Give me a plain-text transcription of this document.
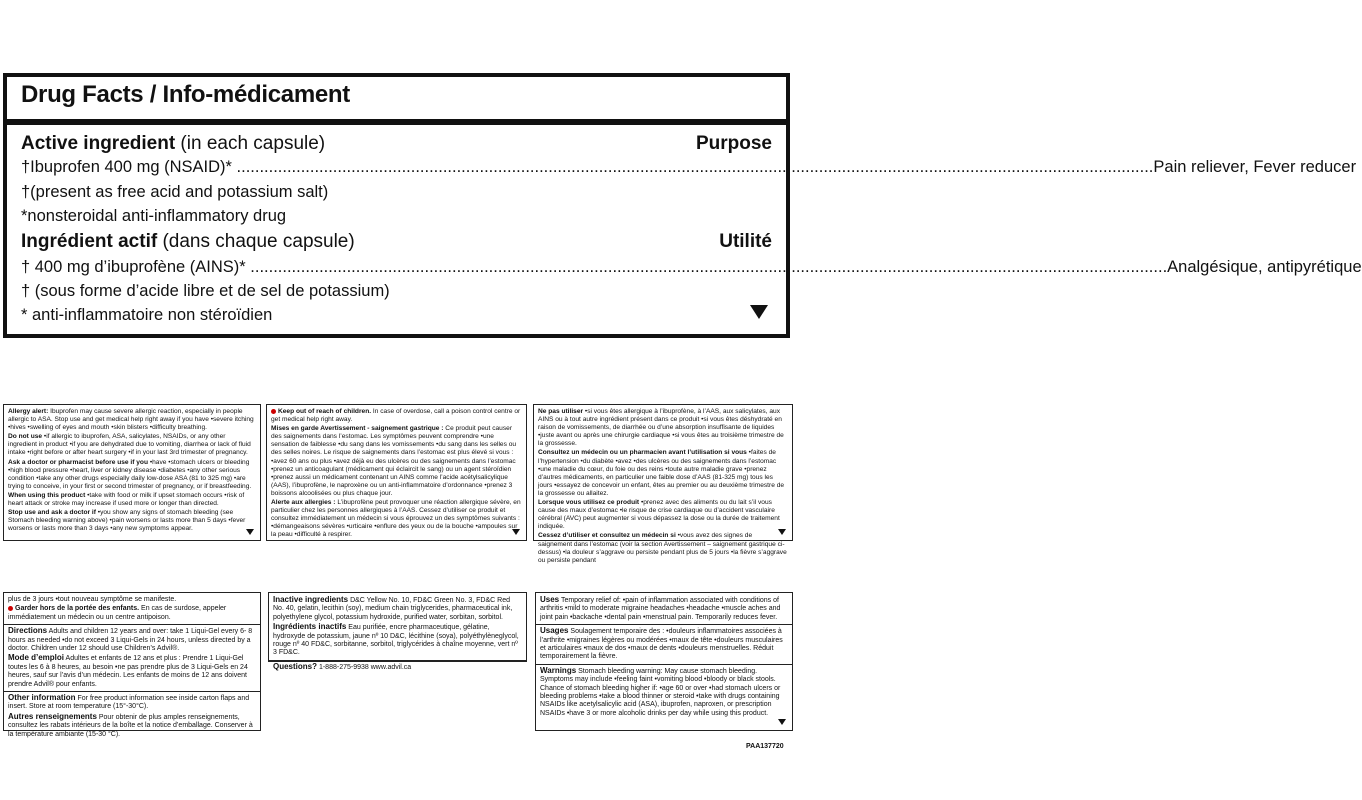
Drug Facts / Info-médicament
Active ingredient (in each capsule)	Purpose
†Ibuprofen 400 mg (NSAID)* .....	Pain reliever, Fever reducer
†(present as free acid and potassium salt)
*nonsteroidal anti-inflammatory drug
Ingrédient actif (dans chaque capsule)	Utilité
† 400 mg d’ibuprofène (AINS)* .....	Analgésique, antipyrétique
† (sous forme d’acide libre et de sel de potassium)
* anti-inflammatoire non stéroïdien

Allergy alert: Ibuprofen may cause severe allergic reaction, especially in people allergic to ASA. Stop use and get medical help right away if you have •severe itching •hives •swelling of eyes and mouth •skin blisters •difficulty breathing.

Do not use •if allergic to ibuprofen, ASA, salicylates, NSAIDs, or any other ingredient in product •if you are dehydrated due to vomiting, diarrhea or lack of fluid intake •right before or after heart surgery •if in your last 3rd trimester of pregnancy.

Ask a doctor or pharmacist before use if you •have •stomach ulcers or bleeding •high blood pressure •heart, liver or kidney disease •diabetes •any other serious condition •take any other drugs especially daily low-dose ASA (81 to 325 mg) •are trying to conceive, in your first or second trimester of pregnancy, or if breastfeeding.

When using this product •take with food or milk if upset stomach occurs •risk of heart attack or stroke may increase if used more or longer than directed.

Stop use and ask a doctor if •you show any signs of stomach bleeding (see Stomach bleeding warning above) •pain worsens or lasts more than 5 days •fever worsens or lasts more than 3 days •any new symptoms appear.

Keep out of reach of children. In case of overdose, call a poison control centre or get medical help right away.

Mises en garde Avertissement - saignement gastrique : Ce produit peut causer des saignements dans l’estomac. Les symptômes peuvent comprendre •une sensation de faiblesse •du sang dans les vomissements •du sang dans les selles ou des selles noires. Le risque de saignements dans l’estomac est plus élevé si vous : •avez 60 ans ou plus •avez déjà eu des ulcères ou des saignements dans l’estomac •prenez un anticoagulant (médicament qui éclaircit le sang) ou un agent stéroïdien •prenez aussi un médicament contenant un AINS comme l’acide acétylsalicylique (AAS), l’ibuprofène, le naproxène ou un anti-inflammatoire d’ordonnance •prenez 3 boissons alcoolisées ou plus chaque jour.

Alerte aux allergies : L’ibuprofène peut provoquer une réaction allergique sévère, en particulier chez les personnes allergiques à l’AAS. Cessez d’utiliser ce produit et consultez immédiatement un médecin si vous éprouvez un des symptômes suivants : •démangeaisons sévères •urticaire •enflure des yeux ou de la bouche •ampoules sur la peau •difficulté à respirer.

Ne pas utiliser •si vous êtes allergique à l’ibuprofène, à l’AAS, aux salicylates, aux AINS ou à tout autre ingrédient présent dans ce produit •si vous êtes déshydraté en raison de vomissements, de diarrhée ou d’une absorption insuffisante de liquides •juste avant ou après une chirurgie cardiaque •si vous êtes au troisième trimestre de la grossesse.

Consultez un médecin ou un pharmacien avant l’utilisation si vous •faites de l’hypertension •du diabète •avez •des ulcères ou des saignements dans l’estomac •une maladie du cœur, du foie ou des reins •toute autre maladie grave •prenez d’autres médicaments, en particulier une faible dose d’AAS (81-325 mg) tous les jours •essayez de concevoir un enfant, êtes au premier ou au deuxième trimestre de la grossesse ou allaitez.

Lorsque vous utilisez ce produit •prenez avec des aliments ou du lait s’il vous cause des maux d’estomac •le risque de crise cardiaque ou d’accident vasculaire cérébral (AVC) peut augmenter si vous dépassez la dose ou la durée de traitement indiquée.

Cessez d’utiliser et consultez un médecin si •vous avez des signes de saignement dans l’estomac (voir la section Avertissement – saignement gastrique ci-dessus) •la douleur s’aggrave ou persiste pendant plus de 5 jours •la fièvre s’aggrave ou persiste pendant

plus de 3 jours •tout nouveau symptôme se manifeste.

Garder hors de la portée des enfants. En cas de surdose, appeler immédiatement un médecin ou un centre antipoison.

Directions Adults and children 12 years and over: take 1 Liqui-Gel every 6- 8 hours as needed •do not exceed 3 Liqui-Gels in 24 hours, unless directed by a doctor. Children under 12 should use Children’s Advil®.

Mode d’emploi Adultes et enfants de 12 ans et plus : Prendre 1 Liqui-Gel toutes les 6 à 8 heures, au besoin •ne pas prendre plus de 3 Liqui-Gels en 24 heures, sauf sur l’avis d’un médecin. Les enfants de moins de 12 ans doivent prendre Advil® pour enfants.

Other information For free product information see inside carton flaps and insert. Store at room temperature (15°-30°C).

Autres renseignements Pour obtenir de plus amples renseignements, consultez les rabats intérieurs de la boîte et la notice d’emballage. Conserver à la température ambiante (15-30 °C).

Inactive ingredients D&C Yellow No. 10, FD&C Green No. 3, FD&C Red No. 40, gelatin, lecithin (soy), medium chain triglycerides, pharmaceutical ink, polyethylene glycol, potassium hydroxide, purified water, sorbitan, sorbitol.

Ingrédients inactifs Eau purifiée, encre pharmaceutique, gélatine, hydroxyde de potassium, jaune nº 10 D&C, lécithine (soya), polyéthylèneglycol, rouge nº 40 FD&C, sorbitanne, sorbitol, triglycérides à chaîne moyenne, vert nº 3 FD&C.

Questions? 1-888-275-9938 www.advil.ca

Uses Temporary relief of: •pain of inflammation associated with conditions of arthritis •mild to moderate migraine headaches •headache •muscle aches and joint pain •backache •dental pain •menstrual pain. Temporarily reduces fever.

Usages Soulagement temporaire des : •douleurs inflammatoires associées à l’arthrite •migraines légères ou modérées •maux de tête •douleurs musculaires et articulaires •maux de dos •maux de dents •douleurs menstruelles. Réduit temporairement la fièvre.

Warnings Stomach bleeding warning: May cause stomach bleeding. Symptoms may include •feeling faint •vomiting blood •bloody or black stools. Chance of stomach bleeding higher if: •age 60 or over •had stomach ulcers or bleeding problems •take a blood thinner or steroid •take with drugs containing NSAIDs like acetylsalicylic acid (ASA), ibuprofen, naproxen, or prescription NSAIDs •have 3 or more alcoholic drinks per day while using this product.

PAA137720
